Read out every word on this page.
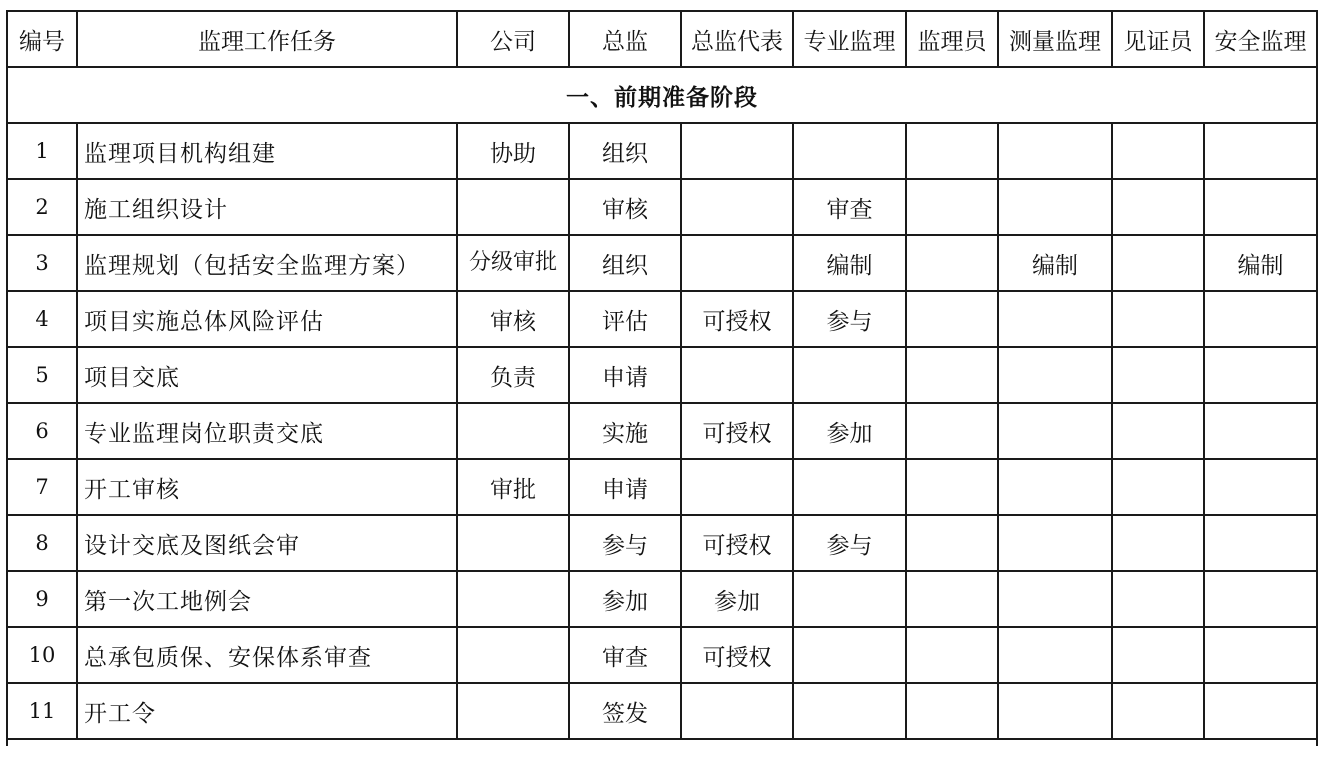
编号	监理工作任务	公司	总监	总监代表	专业监理	监理员	测量监理	见证员	安全监理
一、前期准备阶段									
1	监理项目机构组建	协助	组织						
2	施工组织设计		审核		审查				
3	监理规划（包括安全监理方案）	分级审批	组织		编制		编制		编制
4	项目实施总体风险评估	审核	评估	可授权	参与				
5	项目交底	负责	申请						
6	专业监理岗位职责交底		实施	可授权	参加				
7	开工审核	审批	申请						
8	设计交底及图纸会审		参与	可授权	参与				
9	第一次工地例会		参加	参加					
10	总承包质保、安保体系审查		审查	可授权					
11	开工令		签发						
